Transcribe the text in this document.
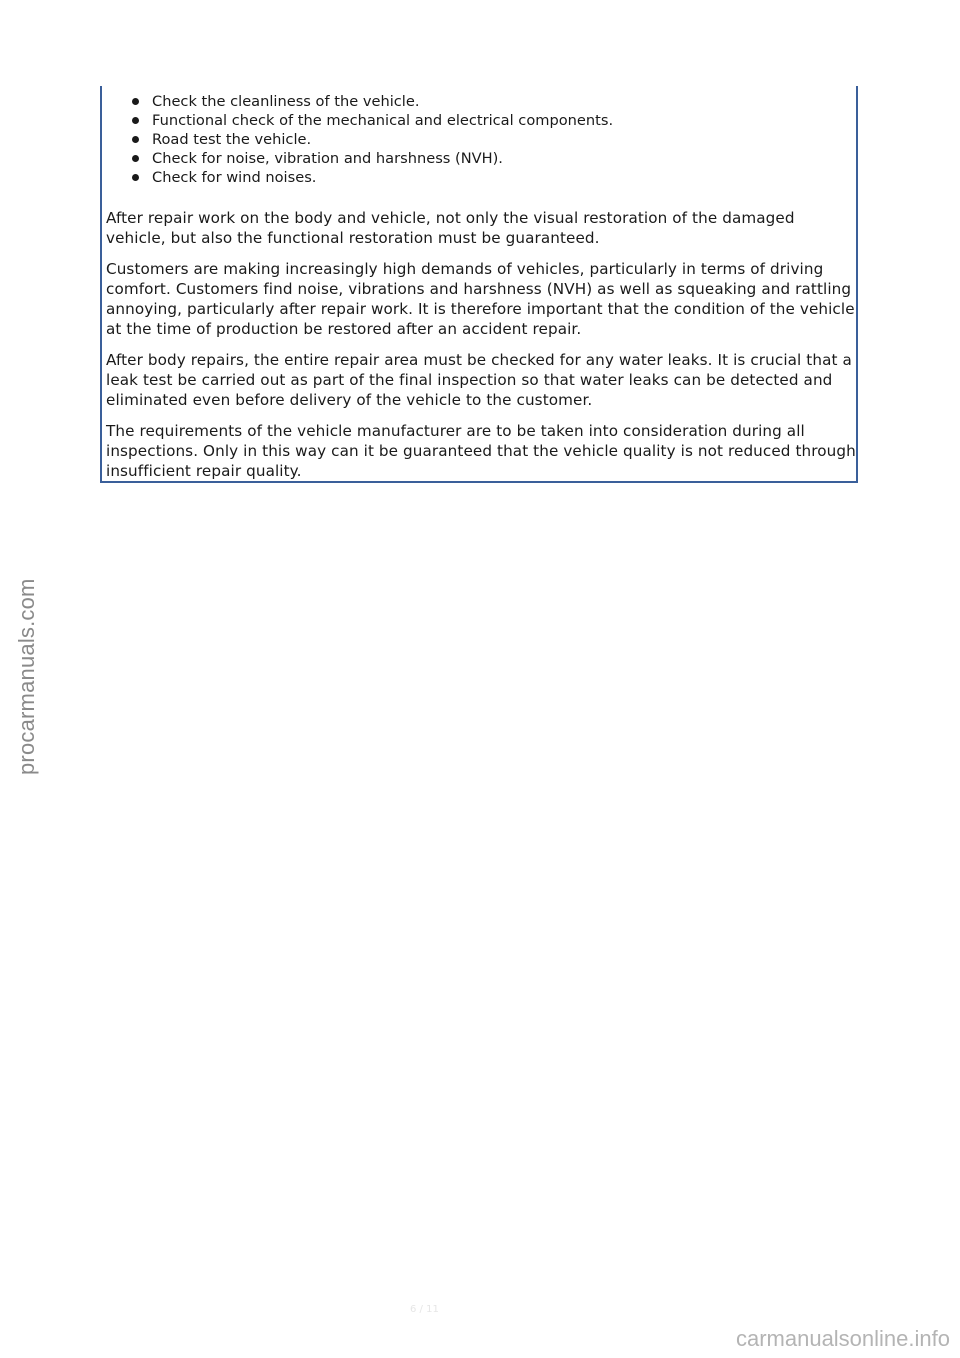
Check the cleanliness of the vehicle.
Functional check of the mechanical and electrical components.
Road test the vehicle.
Check for noise, vibration and harshness (NVH).
Check for wind noises.

After repair work on the body and vehicle, not only the visual restoration of the damaged vehicle, but also the functional restoration must be guaranteed.

Customers are making increasingly high demands of vehicles, particularly in terms of driving comfort. Customers find noise, vibrations and harshness (NVH) as well as squeaking and rattling annoying, particularly after repair work. It is therefore important that the condition of the vehicle at the time of production be restored after an accident repair.

After body repairs, the entire repair area must be checked for any water leaks. It is crucial that a leak test be carried out as part of the final inspection so that water leaks can be detected and eliminated even before delivery of the vehicle to the customer.

The requirements of the vehicle manufacturer are to be taken into consideration during all inspections. Only in this way can it be guaranteed that the vehicle quality is not reduced through insufficient repair quality.

6 / 11
procarmanuals.com
carmanualsonline.info
